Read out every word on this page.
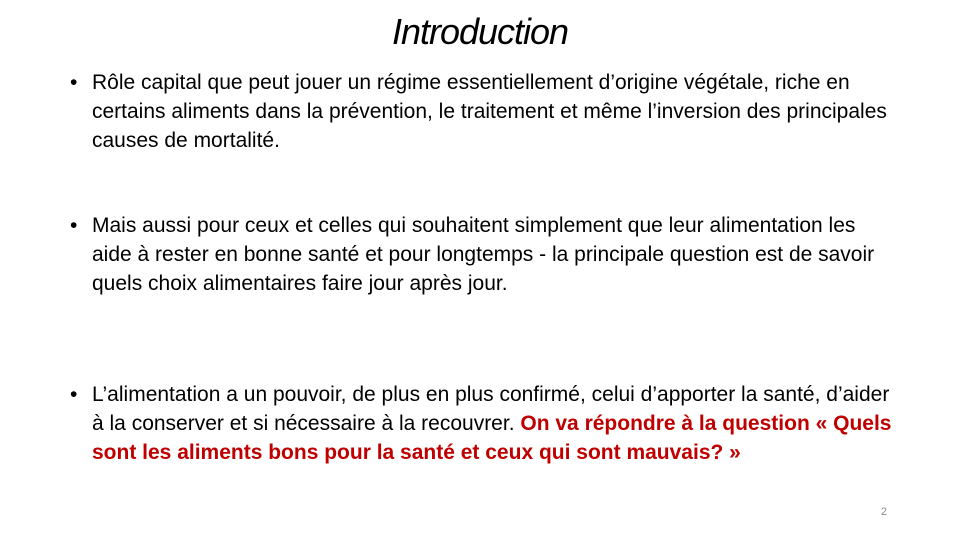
Introduction
• Rôle capital que peut jouer un régime essentiellement d’origine végétale, riche en certains aliments dans la prévention, le traitement et même l’inversion des principales causes de mortalité.
• Mais aussi pour ceux et celles qui souhaitent simplement que leur alimentation les aide à rester en bonne santé et pour longtemps - la principale question est de savoir quels choix alimentaires faire jour après jour.
• L’alimentation a un pouvoir, de plus en plus confirmé, celui d’apporter la santé, d’aider à la conserver et si nécessaire à la recouvrer. On va répondre à la question « Quels sont les aliments bons pour la santé et ceux qui sont mauvais? »
2
